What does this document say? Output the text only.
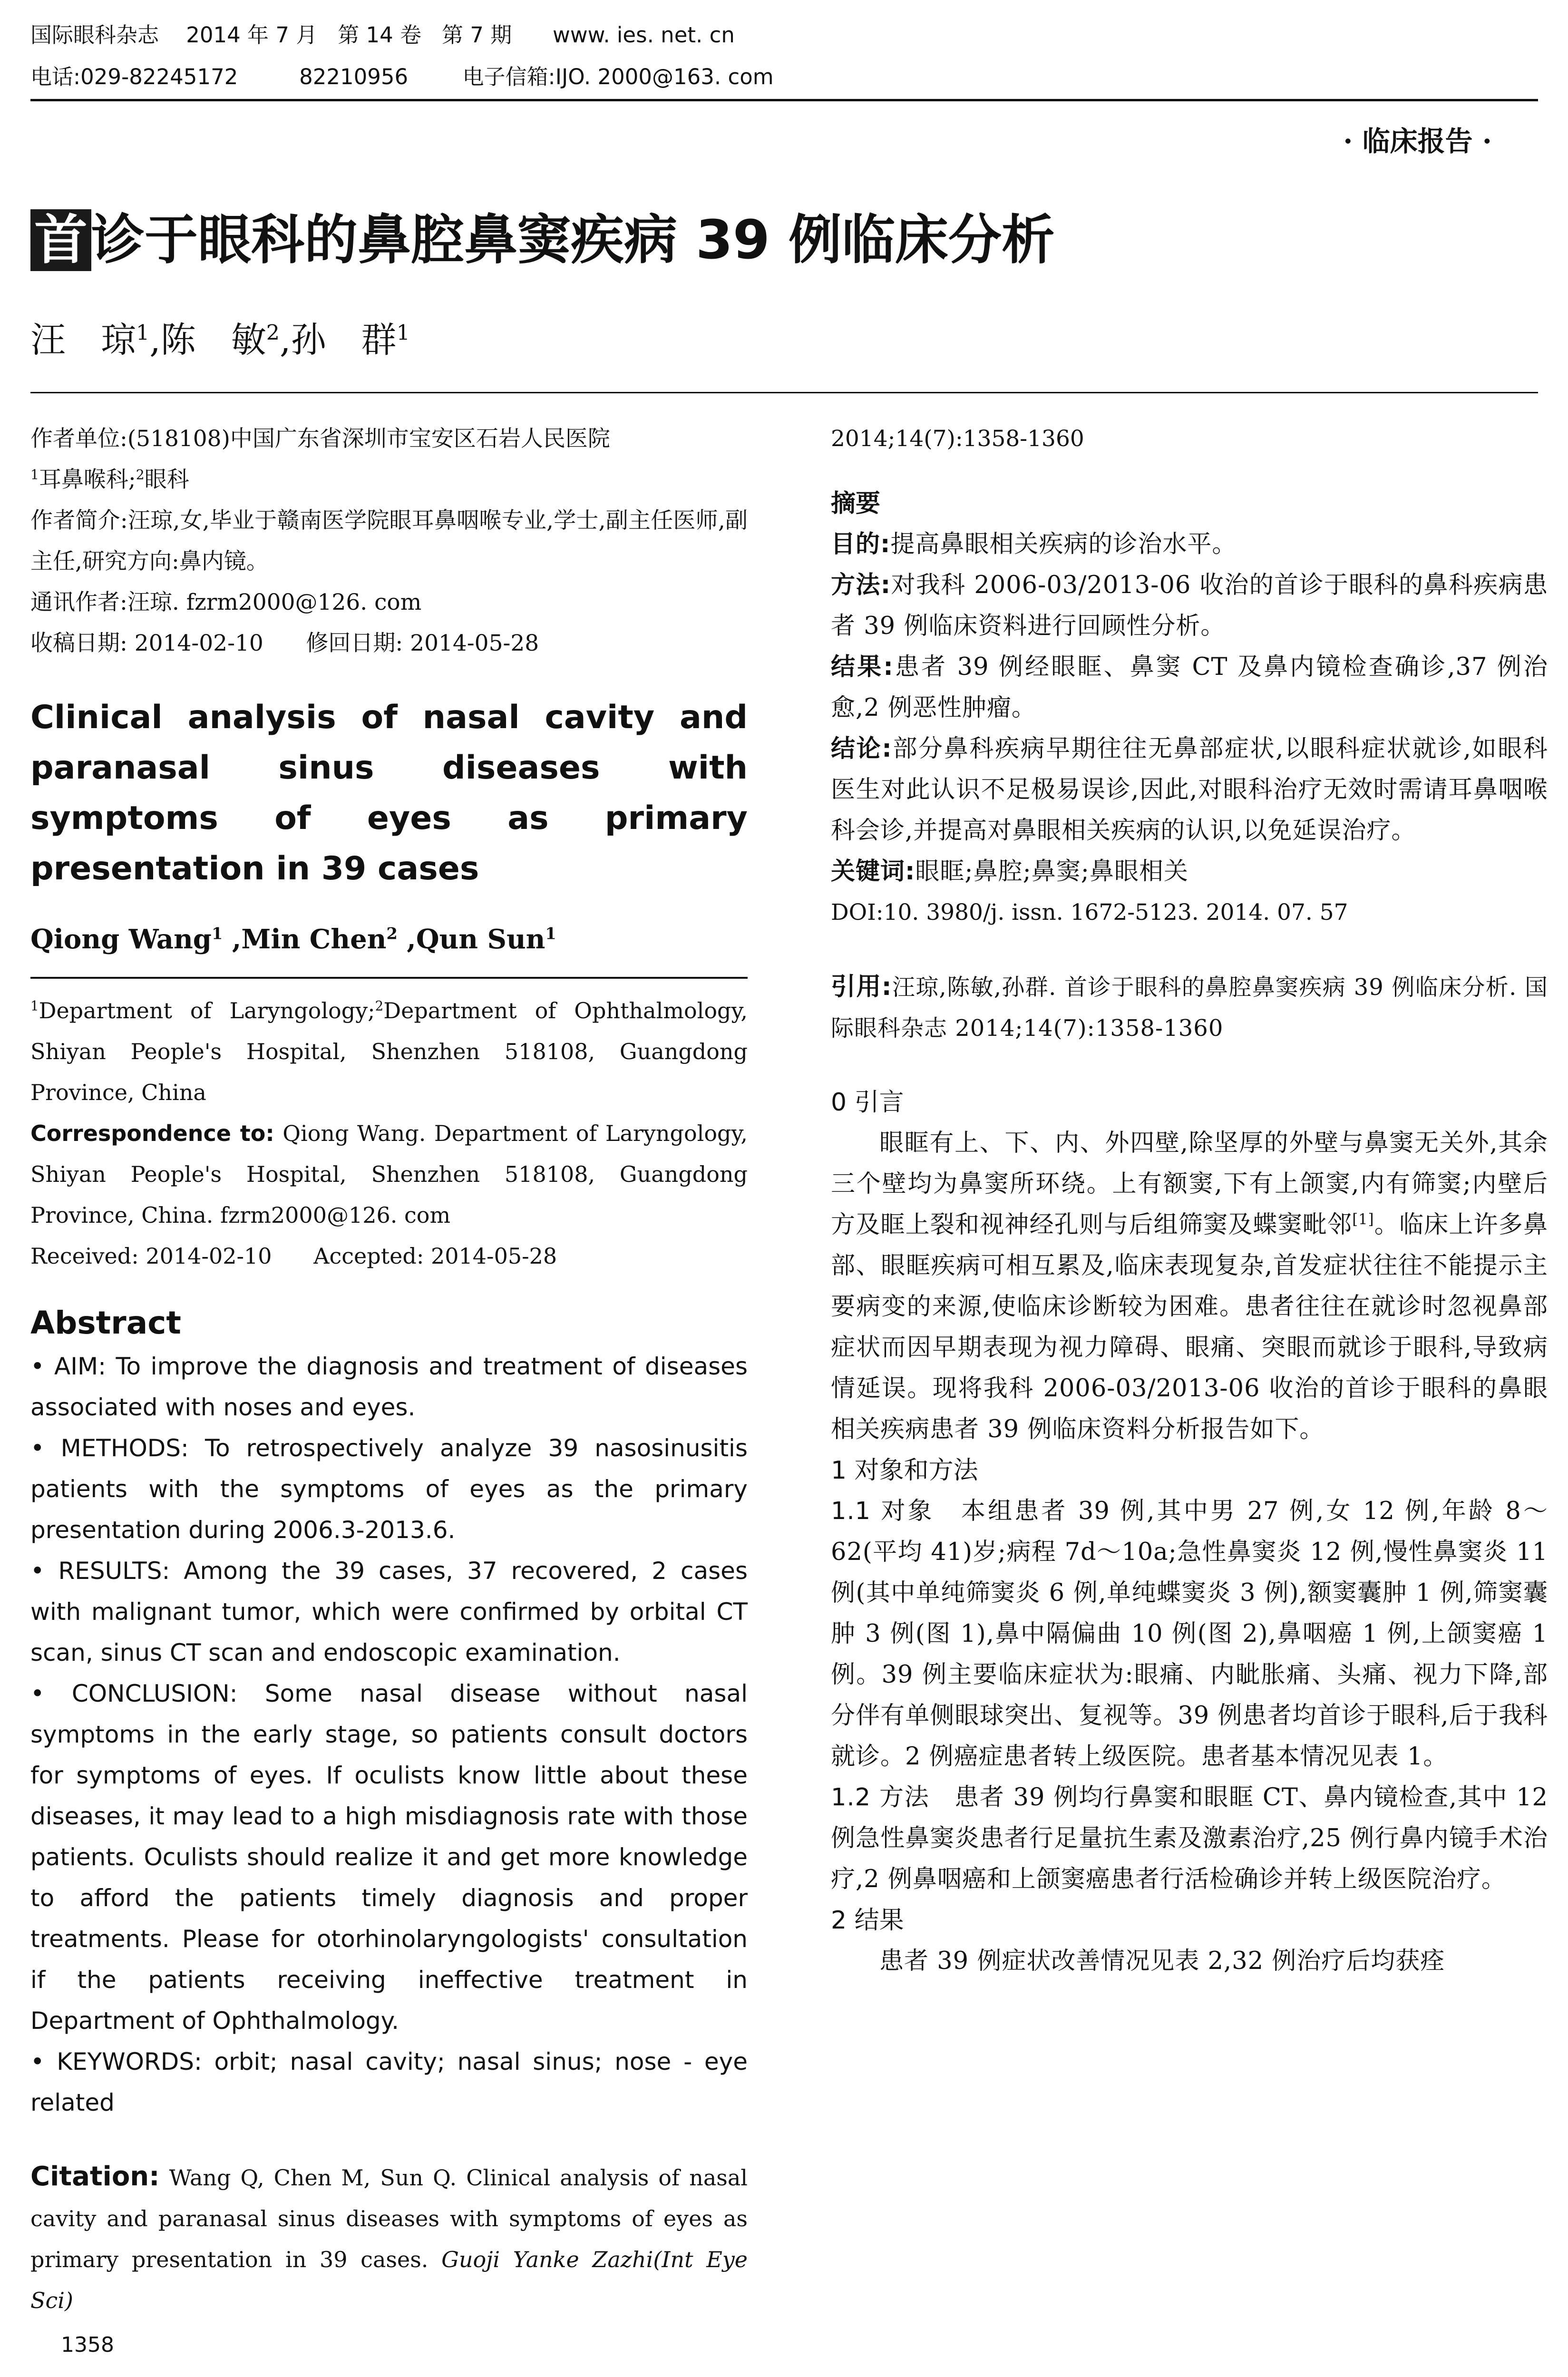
国际眼科杂志    2014 年 7 月   第 14 卷   第 7 期      www. ies. net. cn
电话:029-82245172         82210956        电子信箱:IJO. 2000@163. com
· 临床报告 ·
首诊于眼科的鼻腔鼻窦疾病 39 例临床分析
汪　琼$^1$,陈　敏$^2$,孙　群$^1$

作者单位:(518108)中国广东省深圳市宝安区石岩人民医院

$^1$耳鼻喉科;$^2$眼科

作者简介:汪琼,女,毕业于赣南医学院眼耳鼻咽喉专业,学士,副主任医师,副主任,研究方向:鼻内镜。

通讯作者:汪琼. fzrm2000@126. com

收稿日期: 2014-02-10      修回日期: 2014-05-28

Clinical analysis of nasal cavity and paranasal sinus diseases with symptoms of eyes as primary presentation in 39 cases
Qiong Wang$^1$ ,Min Chen$^2$ ,Qun Sun$^1$

$^1$Department of Laryngology;$^2$Department of Ophthalmology, Shiyan People's Hospital, Shenzhen 518108, Guangdong Province, China

Correspondence to: Qiong Wang. Department of Laryngology, Shiyan People's Hospital, Shenzhen 518108, Guangdong Province, China. fzrm2000@126. com

Received: 2014-02-10      Accepted: 2014-05-28

Abstract

• AIM: To improve the diagnosis and treatment of diseases associated with noses and eyes.

• METHODS: To retrospectively analyze 39 nasosinusitis patients with the symptoms of eyes as the primary presentation during 2006.3-2013.6.

• RESULTS: Among the 39 cases, 37 recovered, 2 cases with malignant tumor, which were confirmed by orbital CT scan, sinus CT scan and endoscopic examination.

• CONCLUSION: Some nasal disease without nasal symptoms in the early stage, so patients consult doctors for symptoms of eyes. If oculists know little about these diseases, it may lead to a high misdiagnosis rate with those patients. Oculists should realize it and get more knowledge to afford the patients timely diagnosis and proper treatments. Please for otorhinolaryngologists' consultation if the patients receiving ineffective treatment in Department of Ophthalmology.

• KEYWORDS: orbit; nasal cavity; nasal sinus; nose - eye related

Citation: Wang Q, Chen M, Sun Q. Clinical analysis of nasal cavity and paranasal sinus diseases with symptoms of eyes as primary presentation in 39 cases. Guoji Yanke Zazhi(Int Eye Sci)
1358

2014;14(7):1358-1360

摘要

目的:提高鼻眼相关疾病的诊治水平。

方法:对我科 2006-03/2013-06 收治的首诊于眼科的鼻科疾病患者 39 例临床资料进行回顾性分析。

结果:患者 39 例经眼眶、鼻窦 CT 及鼻内镜检查确诊,37 例治愈,2 例恶性肿瘤。

结论:部分鼻科疾病早期往往无鼻部症状,以眼科症状就诊,如眼科医生对此认识不足极易误诊,因此,对眼科治疗无效时需请耳鼻咽喉科会诊,并提高对鼻眼相关疾病的认识,以免延误治疗。

关键词:眼眶;鼻腔;鼻窦;鼻眼相关

DOI:10. 3980/j. issn. 1672-5123. 2014. 07. 57

引用:汪琼,陈敏,孙群. 首诊于眼科的鼻腔鼻窦疾病 39 例临床分析. 国际眼科杂志 2014;14(7):1358-1360

0 引言

眼眶有上、下、内、外四壁,除坚厚的外壁与鼻窦无关外,其余三个壁均为鼻窦所环绕。上有额窦,下有上颌窦,内有筛窦;内壁后方及眶上裂和视神经孔则与后组筛窦及蝶窦毗邻[1]。临床上许多鼻部、眼眶疾病可相互累及,临床表现复杂,首发症状往往不能提示主要病变的来源,使临床诊断较为困难。患者往往在就诊时忽视鼻部症状而因早期表现为视力障碍、眼痛、突眼而就诊于眼科,导致病情延误。现将我科 2006-03/2013-06 收治的首诊于眼科的鼻眼相关疾病患者 39 例临床资料分析报告如下。

1 对象和方法

1.1 对象　本组患者 39 例,其中男 27 例,女 12 例,年龄 8～62(平均 41)岁;病程 7d～10a;急性鼻窦炎 12 例,慢性鼻窦炎 11 例(其中单纯筛窦炎 6 例,单纯蝶窦炎 3 例),额窦囊肿 1 例,筛窦囊肿 3 例(图 1),鼻中隔偏曲 10 例(图 2),鼻咽癌 1 例,上颌窦癌 1 例。39 例主要临床症状为:眼痛、内眦胀痛、头痛、视力下降,部分伴有单侧眼球突出、复视等。39 例患者均首诊于眼科,后于我科就诊。2 例癌症患者转上级医院。患者基本情况见表 1。

1.2 方法　患者 39 例均行鼻窦和眼眶 CT、鼻内镜检查,其中 12 例急性鼻窦炎患者行足量抗生素及激素治疗,25 例行鼻内镜手术治疗,2 例鼻咽癌和上颌窦癌患者行活检确诊并转上级医院治疗。

2 结果

患者 39 例症状改善情况见表 2,32 例治疗后均获痊
